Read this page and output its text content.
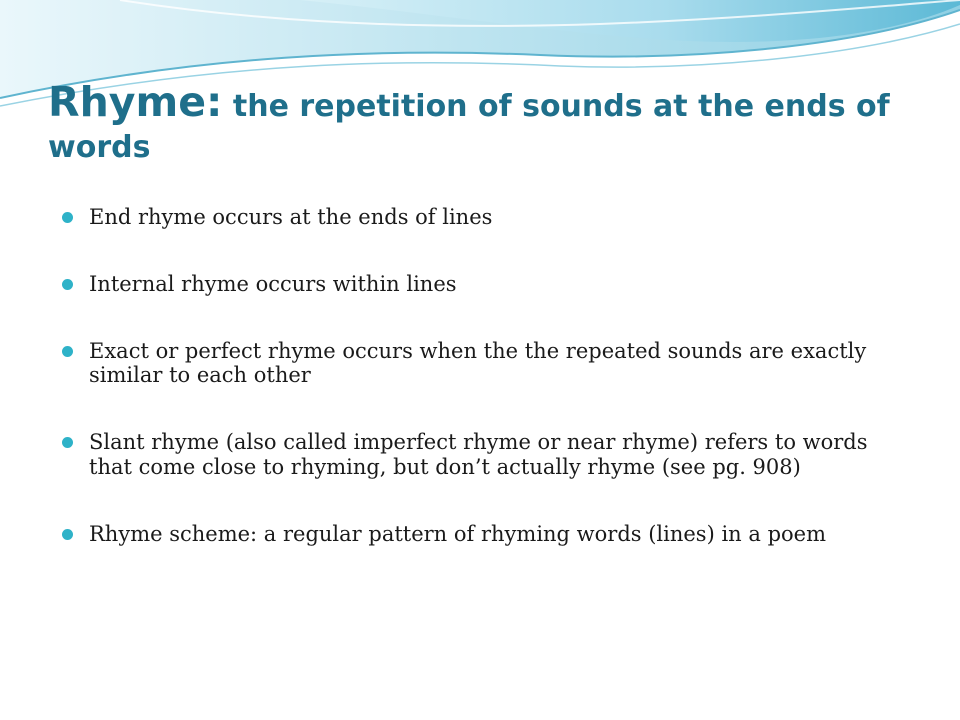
Rhyme: the repetition of sounds at the ends of words
End rhyme occurs at the ends of lines
Internal rhyme occurs within lines
Exact or perfect rhyme occurs when the the repeated sounds are exactly similar to each other
Slant rhyme (also called imperfect rhyme or near rhyme) refers to words that come close to rhyming, but don’t actually rhyme (see pg. 908)
Rhyme scheme: a regular pattern of rhyming words (lines) in a poem
